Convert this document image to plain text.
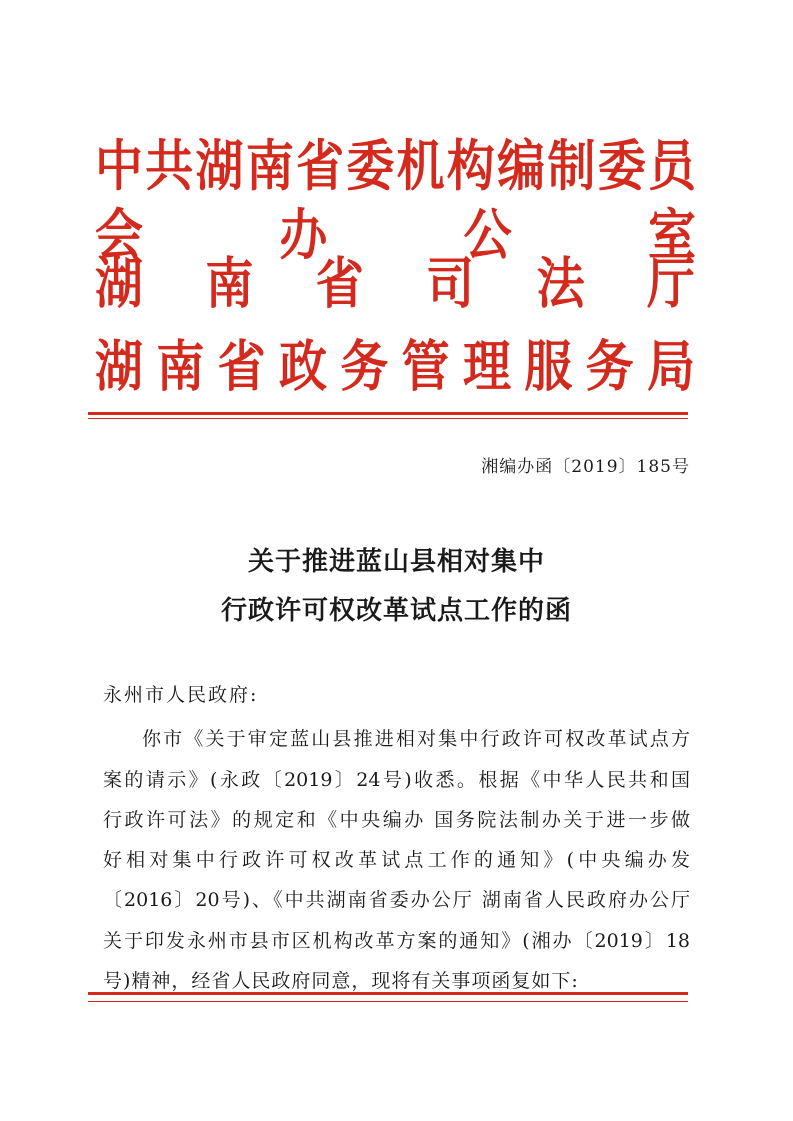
中共湖南省委机构编制委员会办公室
湖 南 省 司 法 厅
湖 南 省 政 务 管 理 服 务 局
湘编办函〔2019〕185号
关于推进蓝山县相对集中
行政许可权改革试点工作的函
永州市人民政府:
你市《关于审定蓝山县推进相对集中行政许可权改革试点方
案的请示》(永政〔2019〕24号)收悉。根据《中华人民共和国
行政许可法》的规定和《中央编办 国务院法制办关于进一步做
好相对集中行政许可权改革试点工作的通知》(中央编办发
〔2016〕20号)、《中共湖南省委办公厅 湖南省人民政府办公厅
关于印发永州市县市区机构改革方案的通知》(湘办〔2019〕18
号)精神，经省人民政府同意，现将有关事项函复如下:
